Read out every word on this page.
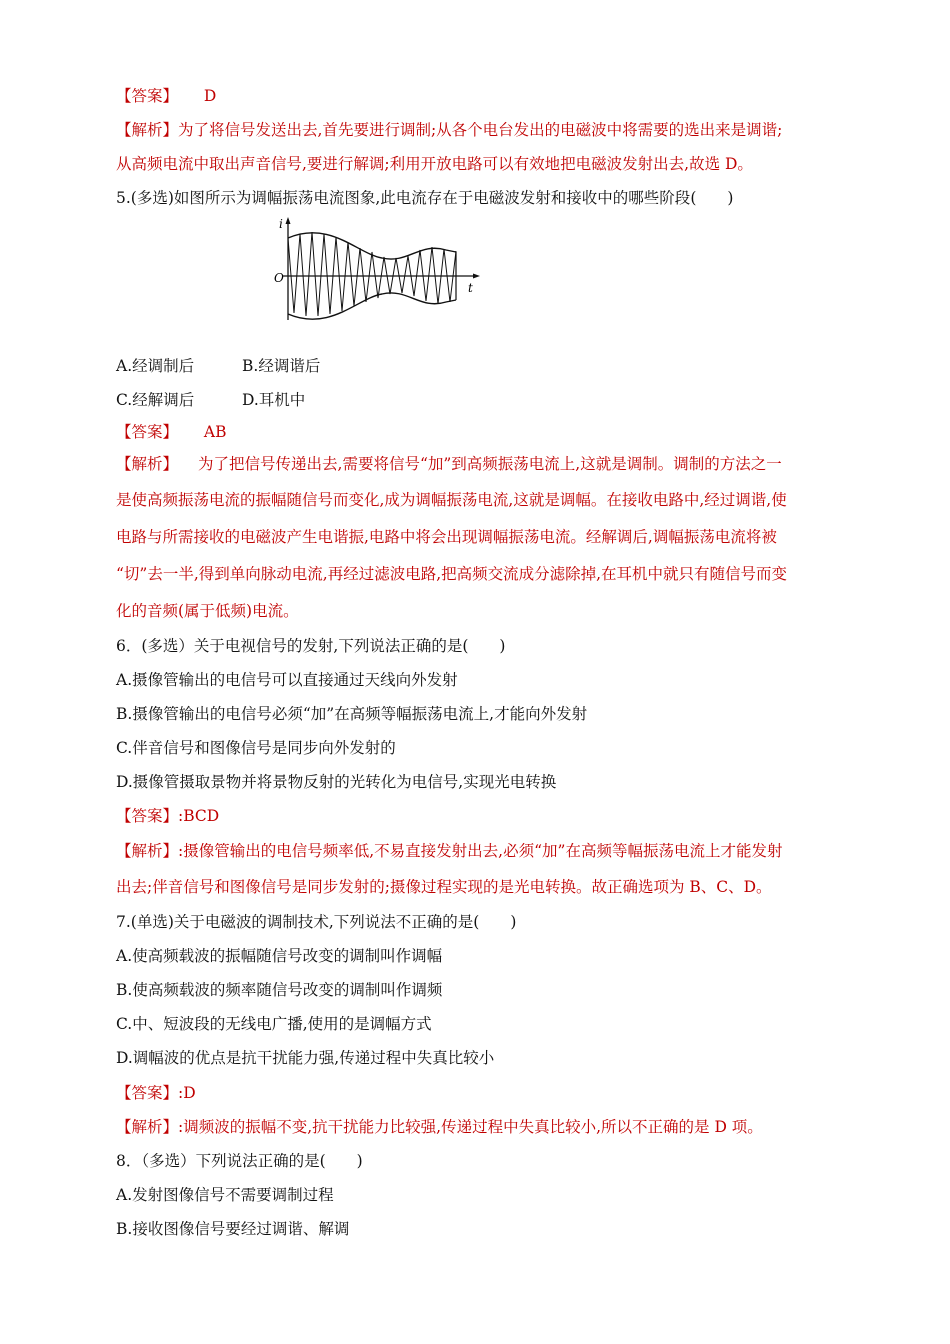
【答案】 D
【解析】为了将信号发送出去,首先要进行调制;从各个电台发出的电磁波中将需要的选出来是调谐;
从高频电流中取出声音信号,要进行解调;利用开放电路可以有效地把电磁波发射出去,故选 D。
5.(多选)如图所示为调幅振荡电流图象,此电流存在于电磁波发射和接收中的哪些阶段(　　)
i
O
t
A.经调制后	B.经调谐后
C.经解调后	D.耳机中
【答案】 AB
【解析】 为了把信号传递出去,需要将信号“加”到高频振荡电流上,这就是调制。调制的方法之一
是使高频振荡电流的振幅随信号而变化,成为调幅振荡电流,这就是调幅。在接收电路中,经过调谐,使
电路与所需接收的电磁波产生电谐振,电路中将会出现调幅振荡电流。经解调后,调幅振荡电流将被
“切”去一半,得到单向脉动电流,再经过滤波电路,把高频交流成分滤除掉,在耳机中就只有随信号而变
化的音频(属于低频)电流。
6．(多选）关于电视信号的发射,下列说法正确的是(　　)
A.摄像管输出的电信号可以直接通过天线向外发射
B.摄像管输出的电信号必须“加”在高频等幅振荡电流上,才能向外发射
C.伴音信号和图像信号是同步向外发射的
D.摄像管摄取景物并将景物反射的光转化为电信号,实现光电转换
【答案】:BCD
【解析】:摄像管输出的电信号频率低,不易直接发射出去,必须“加”在高频等幅振荡电流上才能发射
出去;伴音信号和图像信号是同步发射的;摄像过程实现的是光电转换。故正确选项为 B、C、D。
7.(单选)关于电磁波的调制技术,下列说法不正确的是(　　)
A.使高频载波的振幅随信号改变的调制叫作调幅
B.使高频载波的频率随信号改变的调制叫作调频
C.中、短波段的无线电广播,使用的是调幅方式
D.调幅波的优点是抗干扰能力强,传递过程中失真比较小
【答案】:D
【解析】:调频波的振幅不变,抗干扰能力比较强,传递过程中失真比较小,所以不正确的是 D 项。
8．（多选）下列说法正确的是(　　)
A.发射图像信号不需要调制过程
B.接收图像信号要经过调谐、解调
